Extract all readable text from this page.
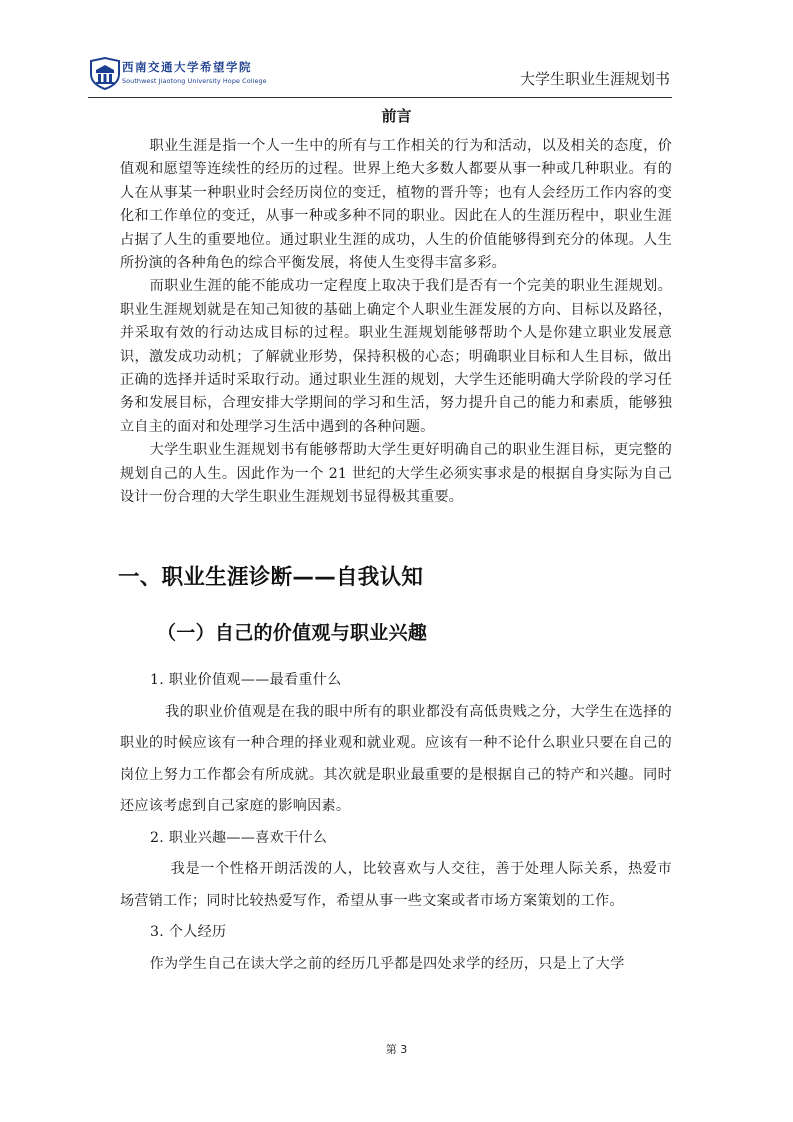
西南交通大学希望学院
Southwest Jiaotong University Hope College	大学生职业生涯规划书
前言

职业生涯是指一个人一生中的所有与工作相关的行为和活动，以及相关的态度，价值观和愿望等连续性的经历的过程。世界上绝大多数人都要从事一种或几种职业。有的人在从事某一种职业时会经历岗位的变迁，植物的晋升等；也有人会经历工作内容的变化和工作单位的变迁，从事一种或多种不同的职业。因此在人的生涯历程中，职业生涯占据了人生的重要地位。通过职业生涯的成功，人生的价值能够得到充分的体现。人生所扮演的各种角色的综合平衡发展，将使人生变得丰富多彩。

而职业生涯的能不能成功一定程度上取决于我们是否有一个完美的职业生涯规划。职业生涯规划就是在知己知彼的基础上确定个人职业生涯发展的方向、目标以及路径，并采取有效的行动达成目标的过程。职业生涯规划能够帮助个人是你建立职业发展意识，激发成功动机；了解就业形势，保持积极的心态；明确职业目标和人生目标，做出正确的选择并适时采取行动。通过职业生涯的规划，大学生还能明确大学阶段的学习任务和发展目标，合理安排大学期间的学习和生活，努力提升自己的能力和素质，能够独立自主的面对和处理学习生活中遇到的各种问题。

大学生职业生涯规划书有能够帮助大学生更好明确自己的职业生涯目标，更完整的规划自己的人生。因此作为一个 21 世纪的大学生必须实事求是的根据自身实际为自己设计一份合理的大学生职业生涯规划书显得极其重要。

一、职业生涯诊断——自我认知
（一）自己的价值观与职业兴趣

1. 职业价值观——最看重什么

我的职业价值观是在我的眼中所有的职业都没有高低贵贱之分，大学生在选择的职业的时候应该有一种合理的择业观和就业观。应该有一种不论什么职业只要在自己的岗位上努力工作都会有所成就。其次就是职业最重要的是根据自己的特产和兴趣。同时还应该考虑到自己家庭的影响因素。

2. 职业兴趣——喜欢干什么

我是一个性格开朗活泼的人，比较喜欢与人交往，善于处理人际关系，热爱市场营销工作；同时比较热爱写作，希望从事一些文案或者市场方案策划的工作。

3. 个人经历

作为学生自己在读大学之前的经历几乎都是四处求学的经历，只是上了大学

第 3
